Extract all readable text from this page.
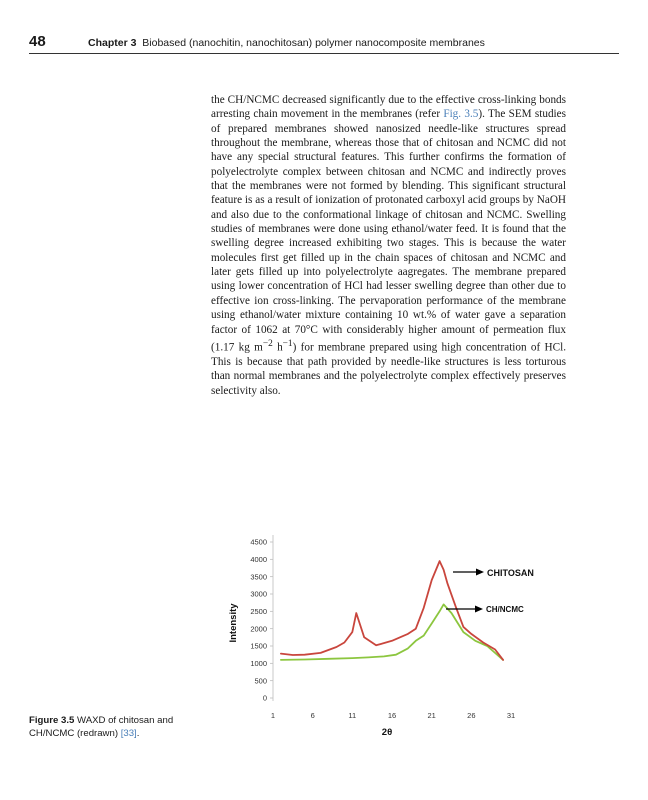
48	Chapter 3 Biobased (nanochitin, nanochitosan) polymer nanocomposite membranes

the CH/NCMC decreased significantly due to the effective cross-linking bonds arresting chain movement in the membranes (refer Fig. 3.5). The SEM studies of prepared membranes showed nanosized needle-like structures spread throughout the membrane, whereas those that of chitosan and NCMC did not have any special structural features. This further confirms the formation of polyelectrolyte complex between chitosan and NCMC and indirectly proves that the membranes were not formed by blending. This significant structural feature is as a result of ionization of protonated carboxyl acid groups by NaOH and also due to the conformational linkage of chitosan and NCMC. Swelling studies of membranes were done using ethanol/water feed. It is found that the swelling degree increased exhibiting two stages. This is because the water molecules first get filled up in the chain spaces of chitosan and NCMC and later gets filled up into polyelectrolyte aagregates. The membrane prepared using lower concentration of HCl had lesser swelling degree than other due to effective ion cross-linking. The pervaporation performance of the membrane using ethanol/water mixture containing 10 wt.% of water gave a separation factor of 1062 at 70°C with considerably higher amount of permeation flux (1.17 kg $m^{-2}$ $h^{-1}$) for membrane prepared using high concentration of HCl. This is because that path provided by needle-like structures is less torturous than normal membranes and the polyelectrolyte complex effectively preserves selectivity also.

0
500
1000
1500
2000
2500
3000
3500
4000
4500
1	6	11	16	21	26	31
Intensity
2θ
CHITOSAN
CH/NCMC
Figure 3.5 WAXD of chitosan and CH/NCMC (redrawn) [33].
